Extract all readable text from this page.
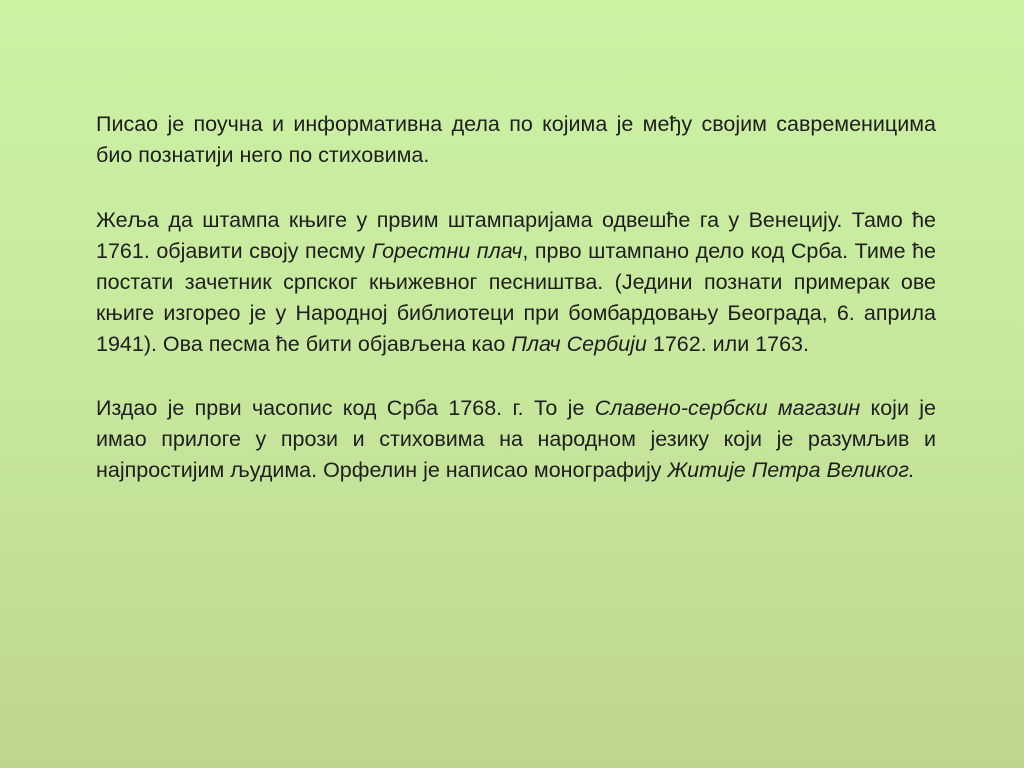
Писао је поучна и информативна дела по којима је међу својим савременицима био познатији него по стиховима.

Жеља да штампа књиге у првим штампаријама одвешће га у Венецију. Тамо ће 1761. објавити своју песму Горестни плач, прво штампано дело код Срба. Тиме ће постати зачетник српског књижевног песништва. (Једини познати примерак ове књиге изгорео је у Народној библиотеци при бомбардовању Београда, 6. априла 1941). Ова песма ће бити објављена као Плач Сербији 1762. или 1763.

Издао је први часопис код Срба 1768. г. То је Славено-сербски магазин који је имао прилоге у прози и стиховима на народном језику који је разумљив и најпростијим људима. Орфелин је написао монографију Житије Петра Великог.
